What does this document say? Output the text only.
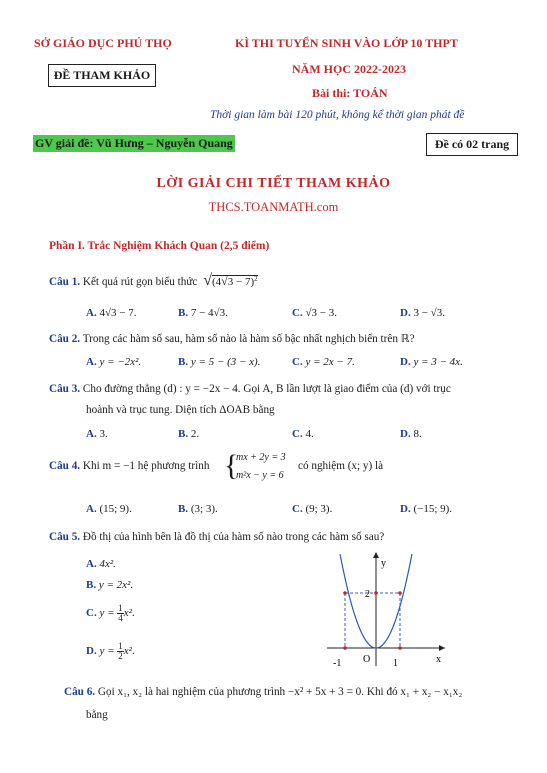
SỞ GIÁO DỤC PHÚ THỌ	KÌ THI TUYỂN SINH VÀO LỚP 10 THPT
NĂM HỌC 2022-2023
Bài thi: TOÁN
ĐỀ THAM KHẢO
Thời gian làm bài 120 phút, không kể thời gian phát đề
GV giải đề: Vũ Hưng – Nguyễn Quang	Đề có 02 trang
LỜI GIẢI CHI TIẾT THAM KHẢO
THCS.TOANMATH.com
Phần I. Trắc Nghiệm Khách Quan (2,5 điểm)
Câu 1. Kết quả rút gọn biểu thức $√(4√3 - 7)^2$
A. 4√3 − 7.	B. 7 − 4√3.	C. √3 − 3.	D. 3 − √3.
Câu 2. Trong các hàm số sau, hàm số nào là hàm số bậc nhất nghịch biến trên ℝ?
A. y = −2x².	B. y = 5 − (3 − x).	C. y = 2x − 7.	D. y = 3 − 4x.
Câu 3. Cho đường thẳng (d) : y = −2x − 4. Gọi A, B lần lượt là giao điểm của (d) với trục
hoành và trục tung. Diện tích ΔOAB bằng
A. 3.	B. 2.	C. 4.	D. 8.
Câu 4. Khi m = −1 hệ phương trình {
mx + 2y = 3
m²x − y = 6
có nghiệm (x; y) là
A. (15; 9).	B. (3; 3).	C. (9; 3).	D. (−15; 9).
Câu 5. Đồ thị của hình bên là đồ thị của hàm số nào trong các hàm số sau?
A. 4x².
B. y = 2x².
C. $y = \frac{1}{4} x^2$.
D. $y = \frac{1}{2} x^2$.
y
x
O
-1	1
2
Câu 6. Gọi x₁, x₂ là hai nghiệm của phương trình −x² + 5x + 3 = 0. Khi đó x₁ + x₂ − x₁x₂
bằng
